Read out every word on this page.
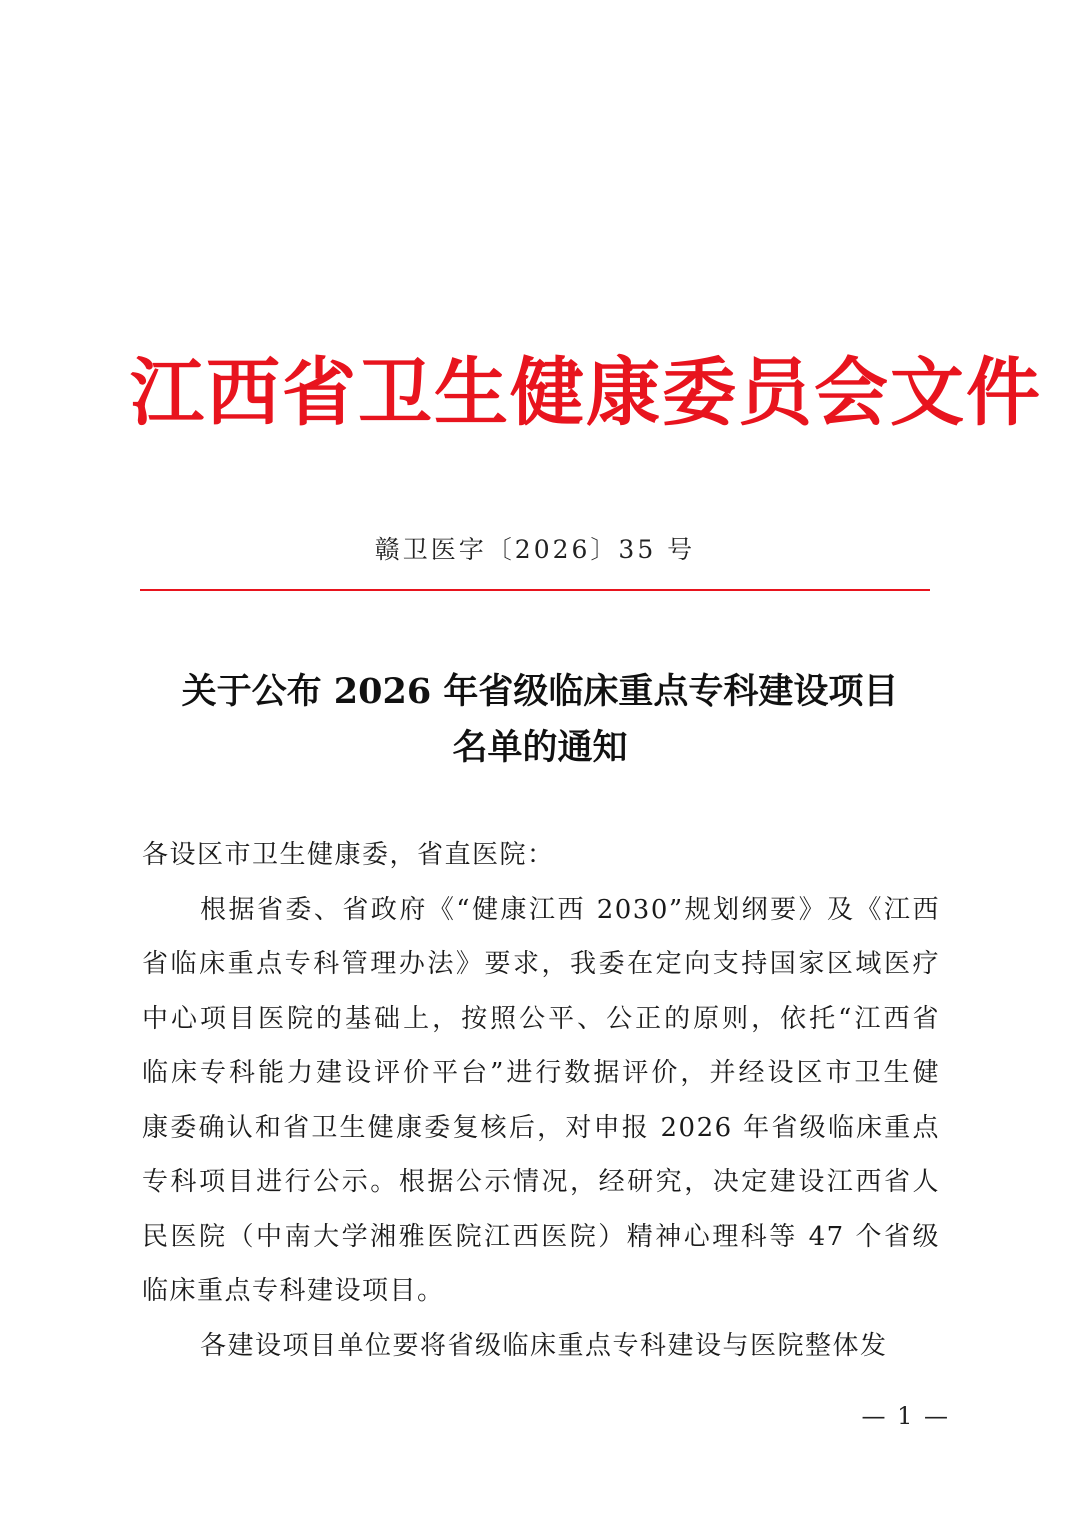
江西省卫生健康委员会文件
赣卫医字〔2026〕35 号
关于公布 2026 年省级临床重点专科建设项目
名单的通知
各设区市卫生健康委，省直医院：
根据省委、省政府《“健康江西 2030”规划纲要》及《江西
省临床重点专科管理办法》要求，我委在定向支持国家区域医疗
中心项目医院的基础上，按照公平、公正的原则，依托“江西省
临床专科能力建设评价平台”进行数据评价，并经设区市卫生健
康委确认和省卫生健康委复核后，对申报 2026 年省级临床重点
专科项目进行公示。根据公示情况，经研究，决定建设江西省人
民医院（中南大学湘雅医院江西医院）精神心理科等 47 个省级
临床重点专科建设项目。
各建设项目单位要将省级临床重点专科建设与医院整体发
— 1 —
